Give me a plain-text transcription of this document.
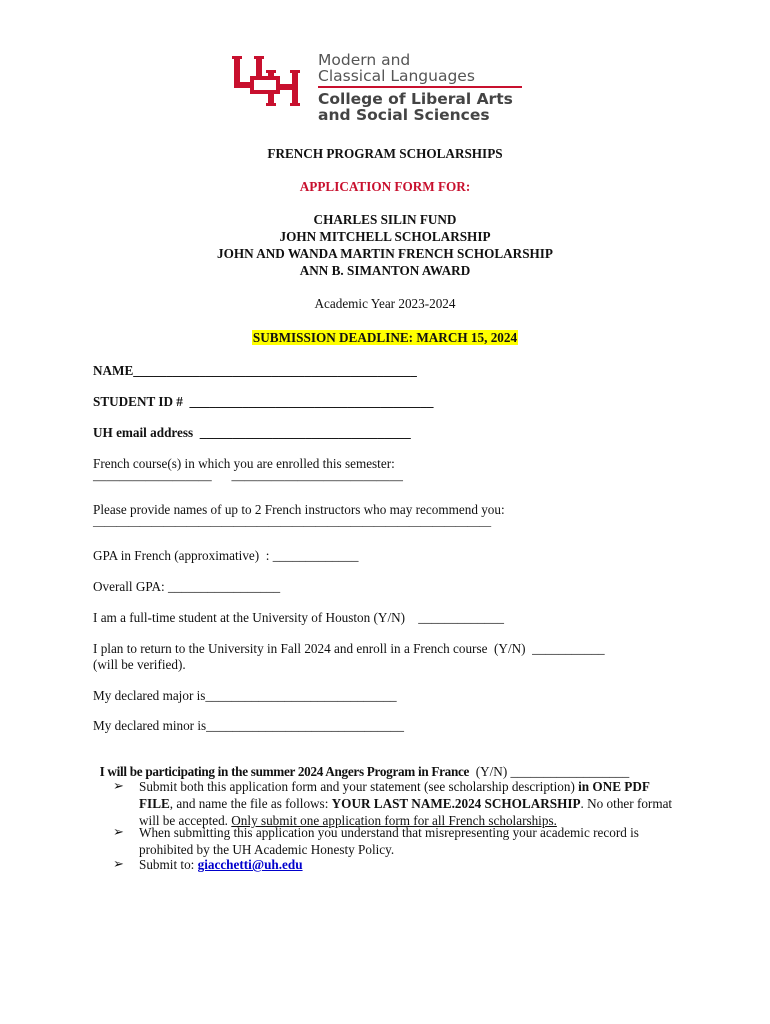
Modern and
Classical Languages
College of Liberal Arts
and Social Sciences
FRENCH PROGRAM SCHOLARSHIPS
APPLICATION FORM FOR:
CHARLES SILIN FUND
JOHN MITCHELL SCHOLARSHIP
JOHN AND WANDA MARTIN FRENCH SCHOLARSHIP
ANN B. SIMANTON AWARD
Academic Year 2023-2024
SUBMISSION DEADLINE: MARCH 15, 2024
NAME___________________________________________
STUDENT ID #  _____________________________________
UH email address  ________________________________
French course(s) in which you are enrolled this semester:
—————————      —————————————
Please provide names of up to 2 French instructors who may recommend you:
——————————————————————————————————
GPA in French (approximative)  : _____________
Overall GPA: _________________
I am a full-time student at the University of Houston (Y/N)    _____________
I plan to return to the University in Fall 2024 and enroll in a French course  (Y/N)  ___________
(will be verified).
My declared major is_____________________________
My declared minor is______________________________

I will be participating in the summer 2024 Angers Program in France  (Y/N) __________________

➢ Submit both this application form and your statement (see scholarship description) in ONE PDF FILE, and name the file as follows: YOUR LAST NAME.2024 SCHOLARSHIP. No other format will be accepted. Only submit one application form for all French scholarships.
➢ When submitting this application you understand that misrepresenting your academic record is prohibited by the UH Academic Honesty Policy.
➢ Submit to: giacchetti@uh.edu
